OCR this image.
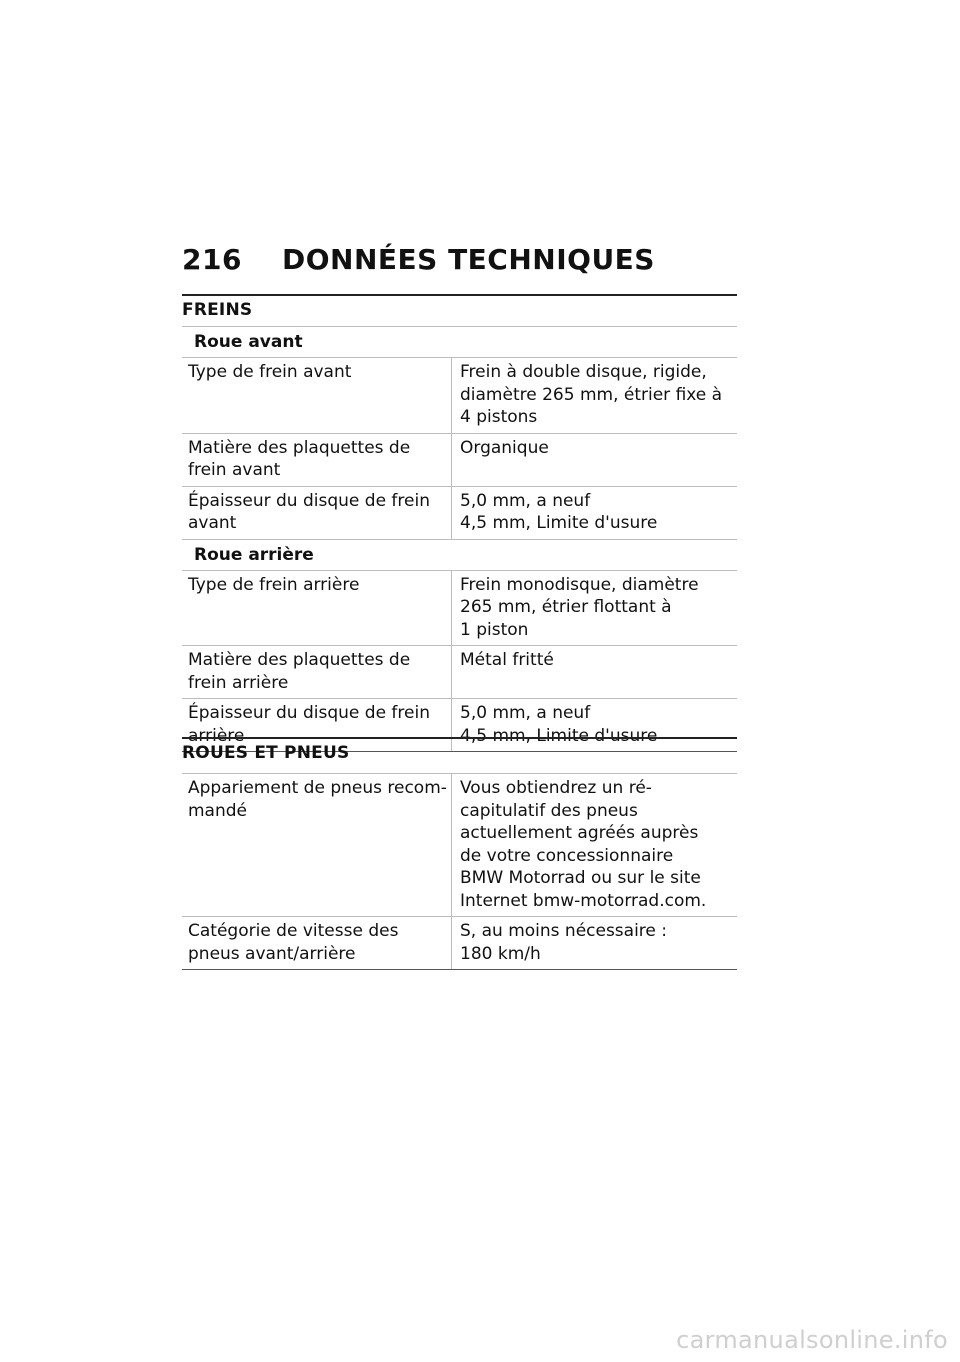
216 DONNÉES TECHNIQUES
FREINS
Roue avant
Type de frein avant	Frein à double disque, rigide,
diamètre 265 mm, étrier fixe à
4 pistons
Matière des plaquettes de frein avant
Organique
Épaisseur du disque de frein avant
5,0 mm, a neuf
4,5 mm, Limite d'usure
Roue arrière
Type de frein arrière	Frein monodisque, diamètre
265 mm, étrier flottant à
1 piston
Matière des plaquettes de frein arrière
Métal fritté
Épaisseur du disque de frein arrière
5,0 mm, a neuf
4,5 mm, Limite d'usure
ROUES ET PNEUS
Appariement de pneus recom-mandé
Vous obtiendrez un ré-
capitulatif des pneus
actuellement agréés auprès
de votre concessionnaire
BMW Motorrad ou sur le site
Internet bmw-motorrad.com.
Catégorie de vitesse des pneus avant/arrière
S, au moins nécessaire :
180 km/h
carmanualsonline.info
